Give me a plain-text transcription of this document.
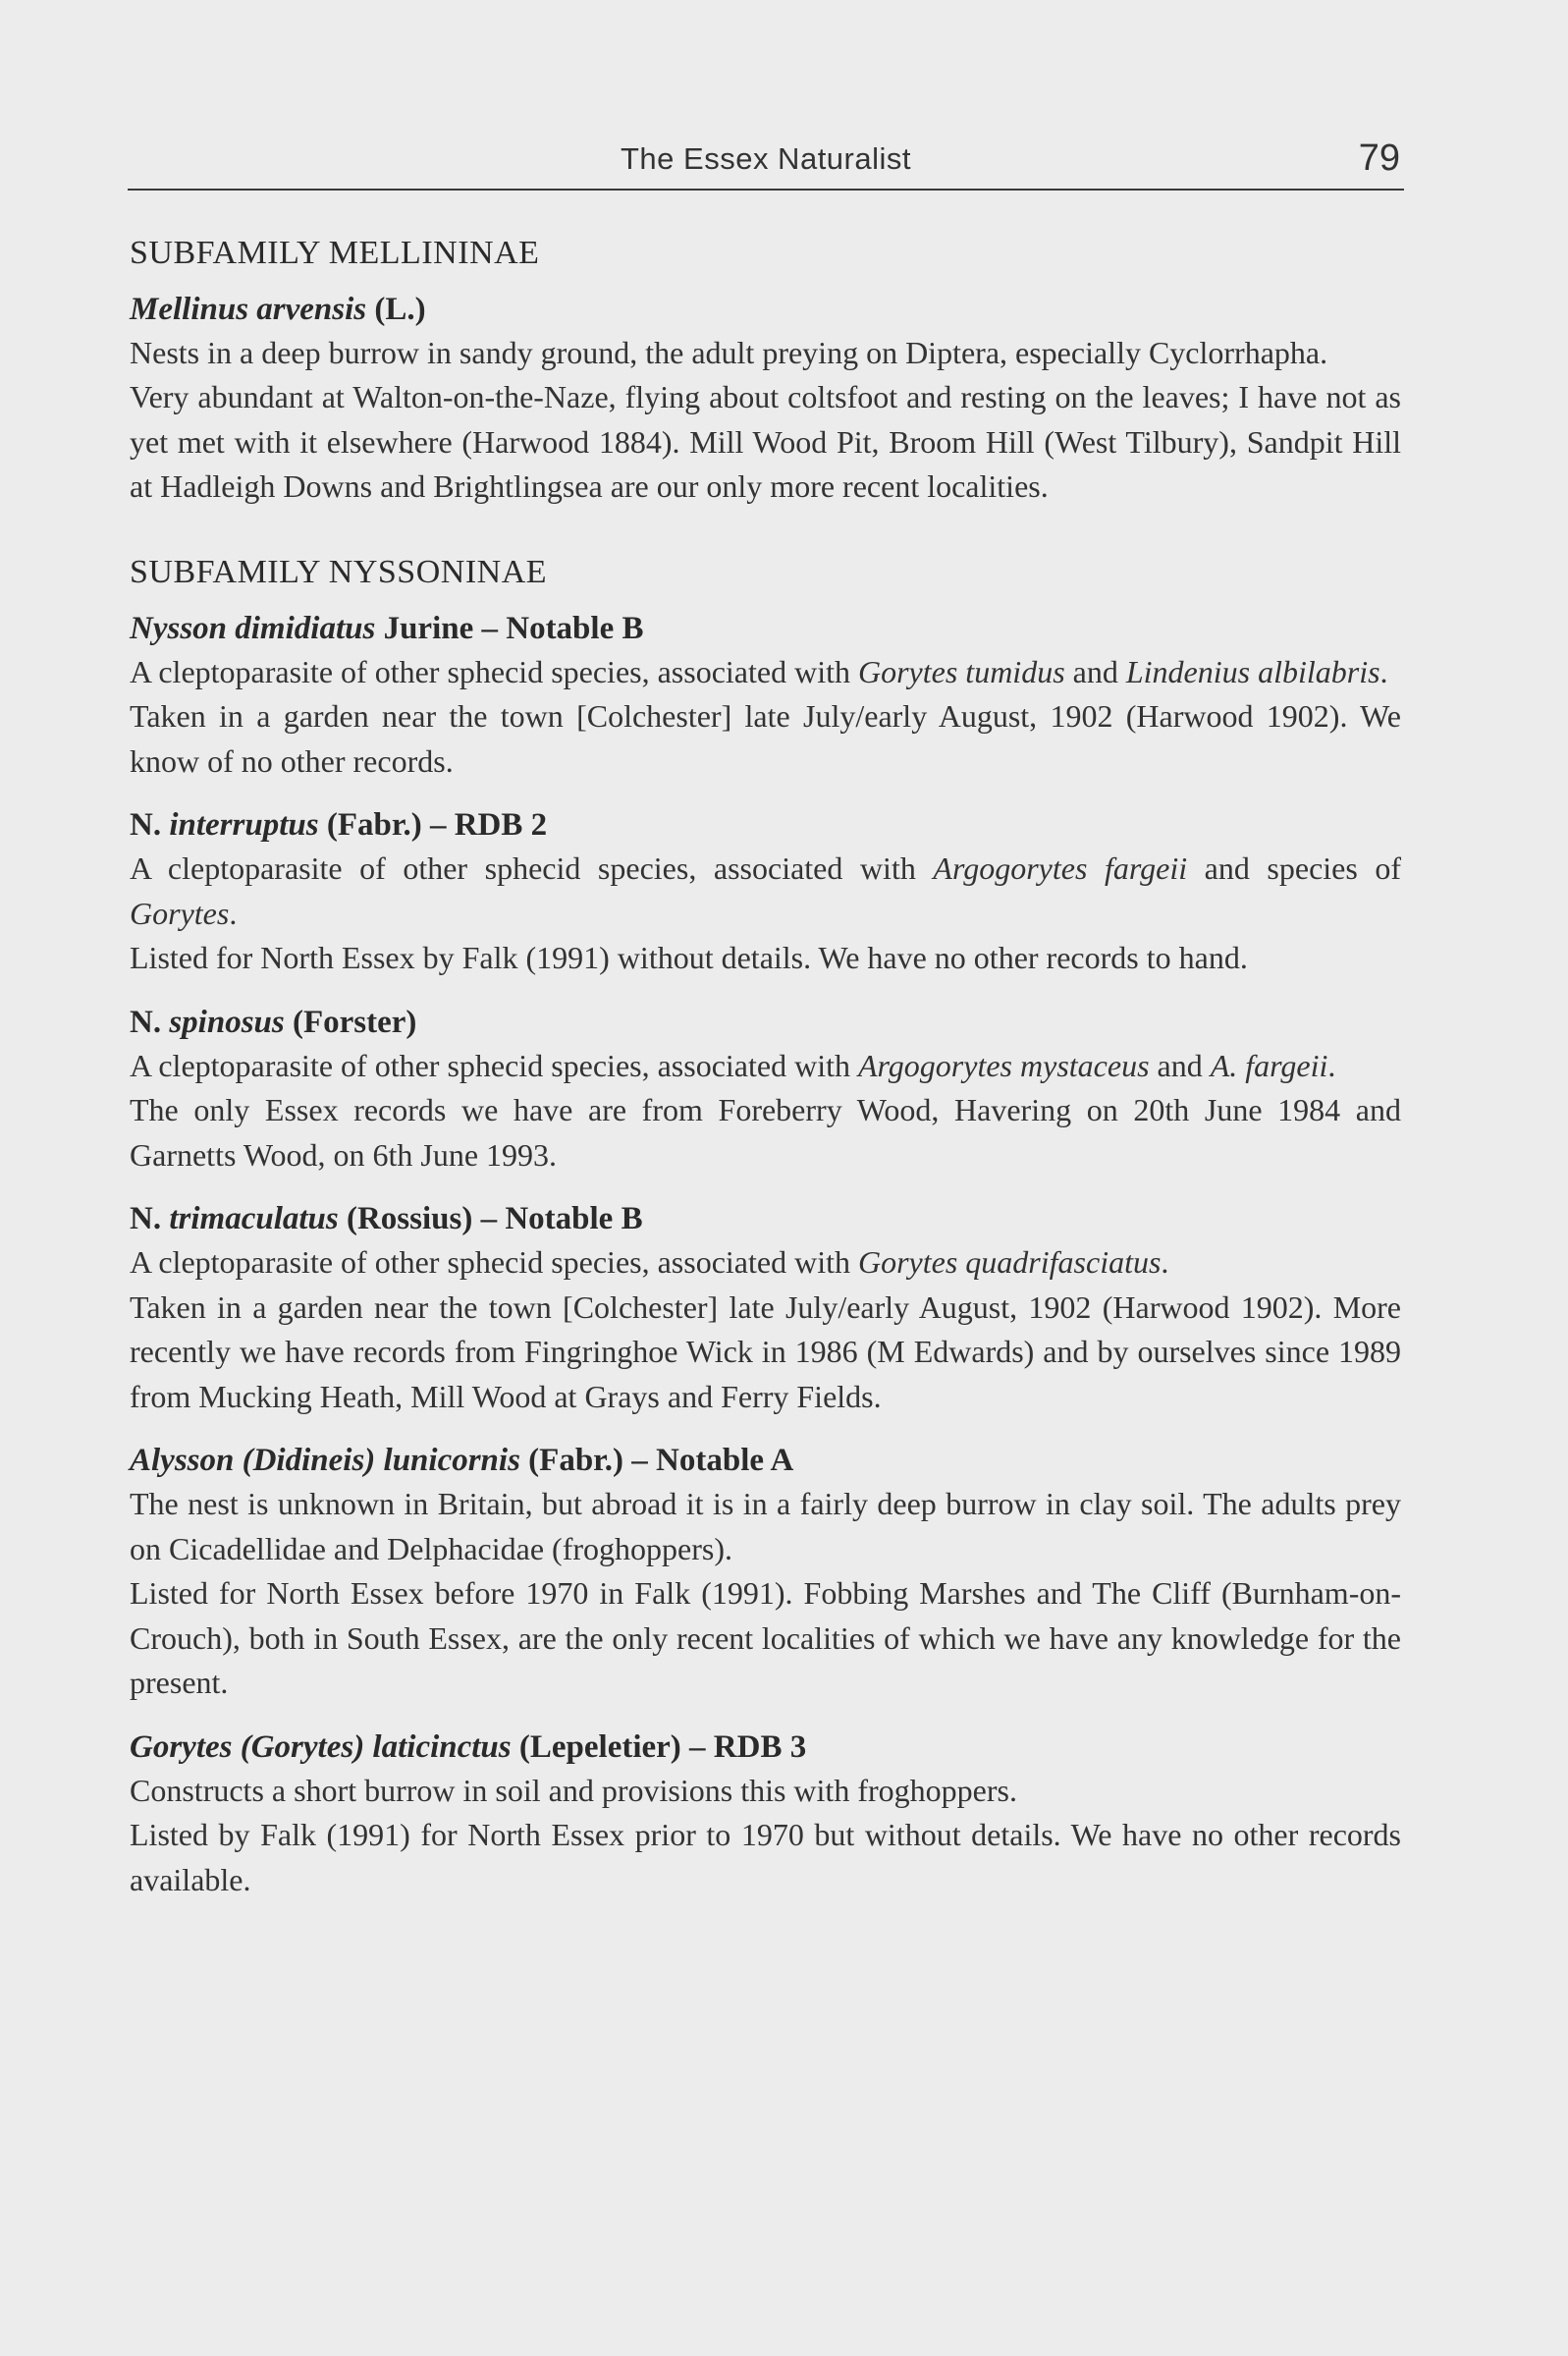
The Essex Naturalist	79
SUBFAMILY MELLININAE

Mellinus arvensis (L.)

Nests in a deep burrow in sandy ground, the adult preying on Diptera, especially Cyclorrhapha.

Very abundant at Walton-on-the-Naze, flying about coltsfoot and resting on the leaves; I have not as yet met with it elsewhere (Harwood 1884). Mill Wood Pit, Broom Hill (West Tilbury), Sandpit Hill at Hadleigh Downs and Brightlingsea are our only more recent localities.

SUBFAMILY NYSSONINAE

Nysson dimidiatus Jurine – Notable B

A cleptoparasite of other sphecid species, associated with Gorytes tumidus and Lindenius albilabris.

Taken in a garden near the town [Colchester] late July/early August, 1902 (Harwood 1902). We know of no other records.

N. interruptus (Fabr.) – RDB 2

A cleptoparasite of other sphecid species, associated with Argogorytes fargeii and species of Gorytes.

Listed for North Essex by Falk (1991) without details. We have no other records to hand.

N. spinosus (Forster)

A cleptoparasite of other sphecid species, associated with Argogorytes mystaceus and A. fargeii.

The only Essex records we have are from Foreberry Wood, Havering on 20th June 1984 and Garnetts Wood, on 6th June 1993.

N. trimaculatus (Rossius) – Notable B

A cleptoparasite of other sphecid species, associated with Gorytes quadrifasciatus.

Taken in a garden near the town [Colchester] late July/early August, 1902 (Harwood 1902). More recently we have records from Fingringhoe Wick in 1986 (M Edwards) and by ourselves since 1989 from Mucking Heath, Mill Wood at Grays and Ferry Fields.

Alysson (Didineis) lunicornis (Fabr.) – Notable A

The nest is unknown in Britain, but abroad it is in a fairly deep burrow in clay soil. The adults prey on Cicadellidae and Delphacidae (froghoppers).

Listed for North Essex before 1970 in Falk (1991). Fobbing Marshes and The Cliff (Burnham-on-Crouch), both in South Essex, are the only recent localities of which we have any knowledge for the present.

Gorytes (Gorytes) laticinctus (Lepeletier) – RDB 3

Constructs a short burrow in soil and provisions this with froghoppers.

Listed by Falk (1991) for North Essex prior to 1970 but without details. We have no other records available.
